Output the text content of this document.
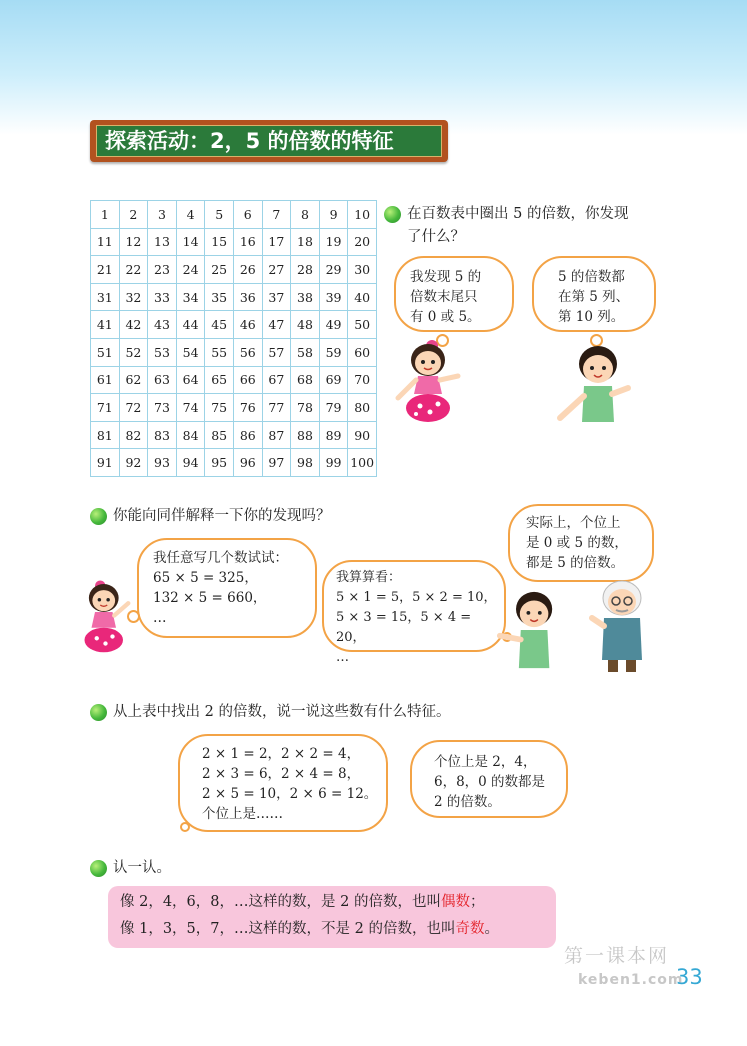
探索活动：2，5 的倍数的特征
1	2	3	4	5	6	7	8	9	10
11	12	13	14	15	16	17	18	19	20
21	22	23	24	25	26	27	28	29	30
31	32	33	34	35	36	37	38	39	40
41	42	43	44	45	46	47	48	49	50
51	52	53	54	55	56	57	58	59	60
61	62	63	64	65	66	67	68	69	70
71	72	73	74	75	76	77	78	79	80
81	82	83	84	85	86	87	88	89	90
91	92	93	94	95	96	97	98	99	100
在百数表中圈出 5 的倍数，你发现
了什么？
我发现 5 的
倍数末尾只
有 0 或 5。
5 的倍数都
在第 5 列、
第 10 列。
你能向同伴解释一下你的发现吗？	实际上，个位上
是 0 或 5 的数，
都是 5 的倍数。
我任意写几个数试试：
65 × 5 = 325，
132 × 5 = 660，
…
我算算看：
5 × 1 = 5，5 × 2 = 10，
5 × 3 = 15，5 × 4 = 20，
…
从上表中找出 2 的倍数，说一说这些数有什么特征。
2 × 1 = 2，2 × 2 = 4，
2 × 3 = 6，2 × 4 = 8，
2 × 5 = 10，2 × 6 = 12。
个位上是……
个位上是 2，4，
6，8，0 的数都是
2 的倍数。
认一认。
像 2，4，6，8，…这样的数，是 2 的倍数，也叫偶数；
像 1，3，5，7，…这样的数，不是 2 的倍数，也叫奇数。
第一课本网
keben1.com
33
